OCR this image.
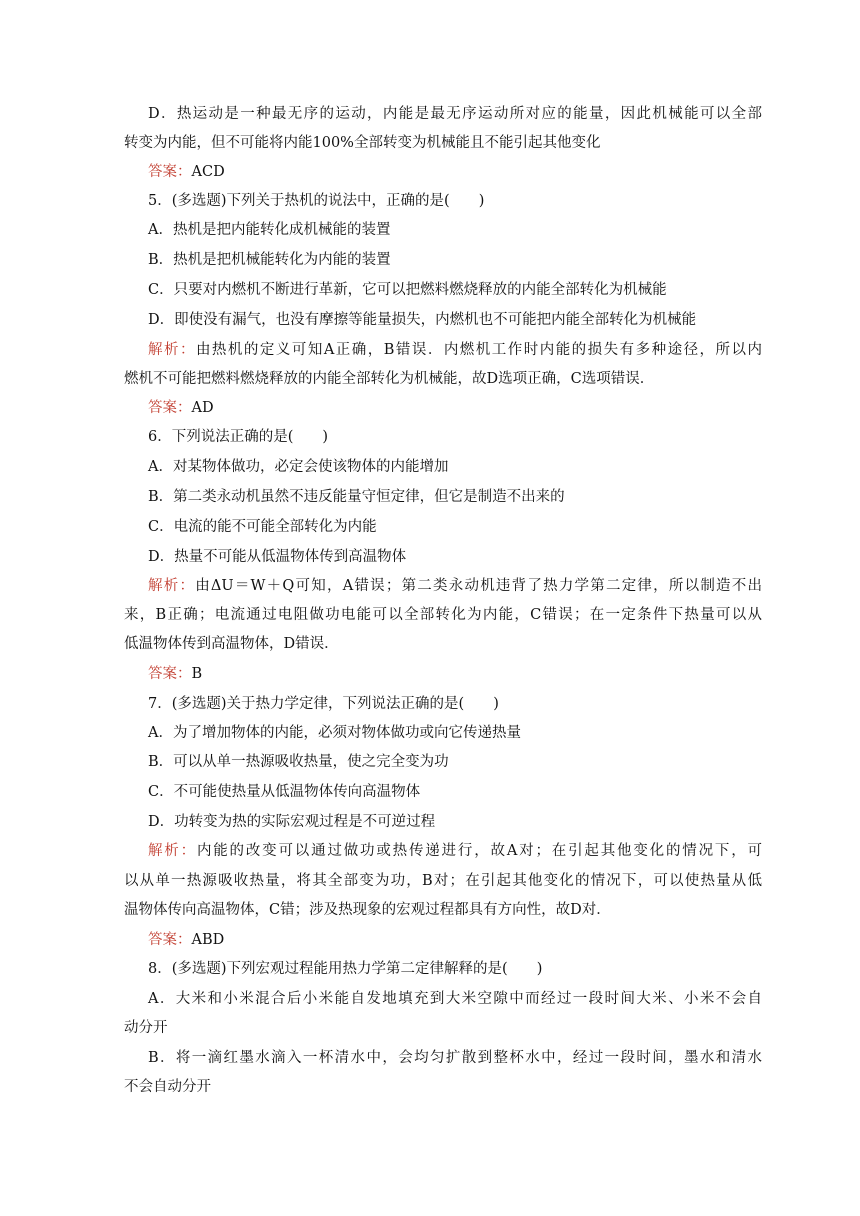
D．热运动是一种最无序的运动，内能是最无序运动所对应的能量，因此机械能可以全部
转变为内能，但不可能将内能100%全部转变为机械能且不能引起其他变化
答案：ACD
5．(多选题)下列关于热机的说法中，正确的是(　　)
A．热机是把内能转化成机械能的装置
B．热机是把机械能转化为内能的装置
C．只要对内燃机不断进行革新，它可以把燃料燃烧释放的内能全部转化为机械能
D．即使没有漏气，也没有摩擦等能量损失，内燃机也不可能把内能全部转化为机械能
解析：由热机的定义可知A正确，B错误．内燃机工作时内能的损失有多种途径，所以内
燃机不可能把燃料燃烧释放的内能全部转化为机械能，故D选项正确，C选项错误．
答案：AD
6．下列说法正确的是(　　)
A．对某物体做功，必定会使该物体的内能增加
B．第二类永动机虽然不违反能量守恒定律，但它是制造不出来的
C．电流的能不可能全部转化为内能
D．热量不可能从低温物体传到高温物体
解析：由ΔU＝W＋Q可知，A错误；第二类永动机违背了热力学第二定律，所以制造不出
来，B正确；电流通过电阻做功电能可以全部转化为内能，C错误；在一定条件下热量可以从
低温物体传到高温物体，D错误．
答案：B
7．(多选题)关于热力学定律，下列说法正确的是(　　)
A．为了增加物体的内能，必须对物体做功或向它传递热量
B．可以从单一热源吸收热量，使之完全变为功
C．不可能使热量从低温物体传向高温物体
D．功转变为热的实际宏观过程是不可逆过程
解析：内能的改变可以通过做功或热传递进行，故A对；在引起其他变化的情况下，可
以从单一热源吸收热量，将其全部变为功，B对；在引起其他变化的情况下，可以使热量从低
温物体传向高温物体，C错；涉及热现象的宏观过程都具有方向性，故D对．
答案：ABD
8．(多选题)下列宏观过程能用热力学第二定律解释的是(　　)
A．大米和小米混合后小米能自发地填充到大米空隙中而经过一段时间大米、小米不会自
动分开
B．将一滴红墨水滴入一杯清水中，会均匀扩散到整杯水中，经过一段时间，墨水和清水
不会自动分开
